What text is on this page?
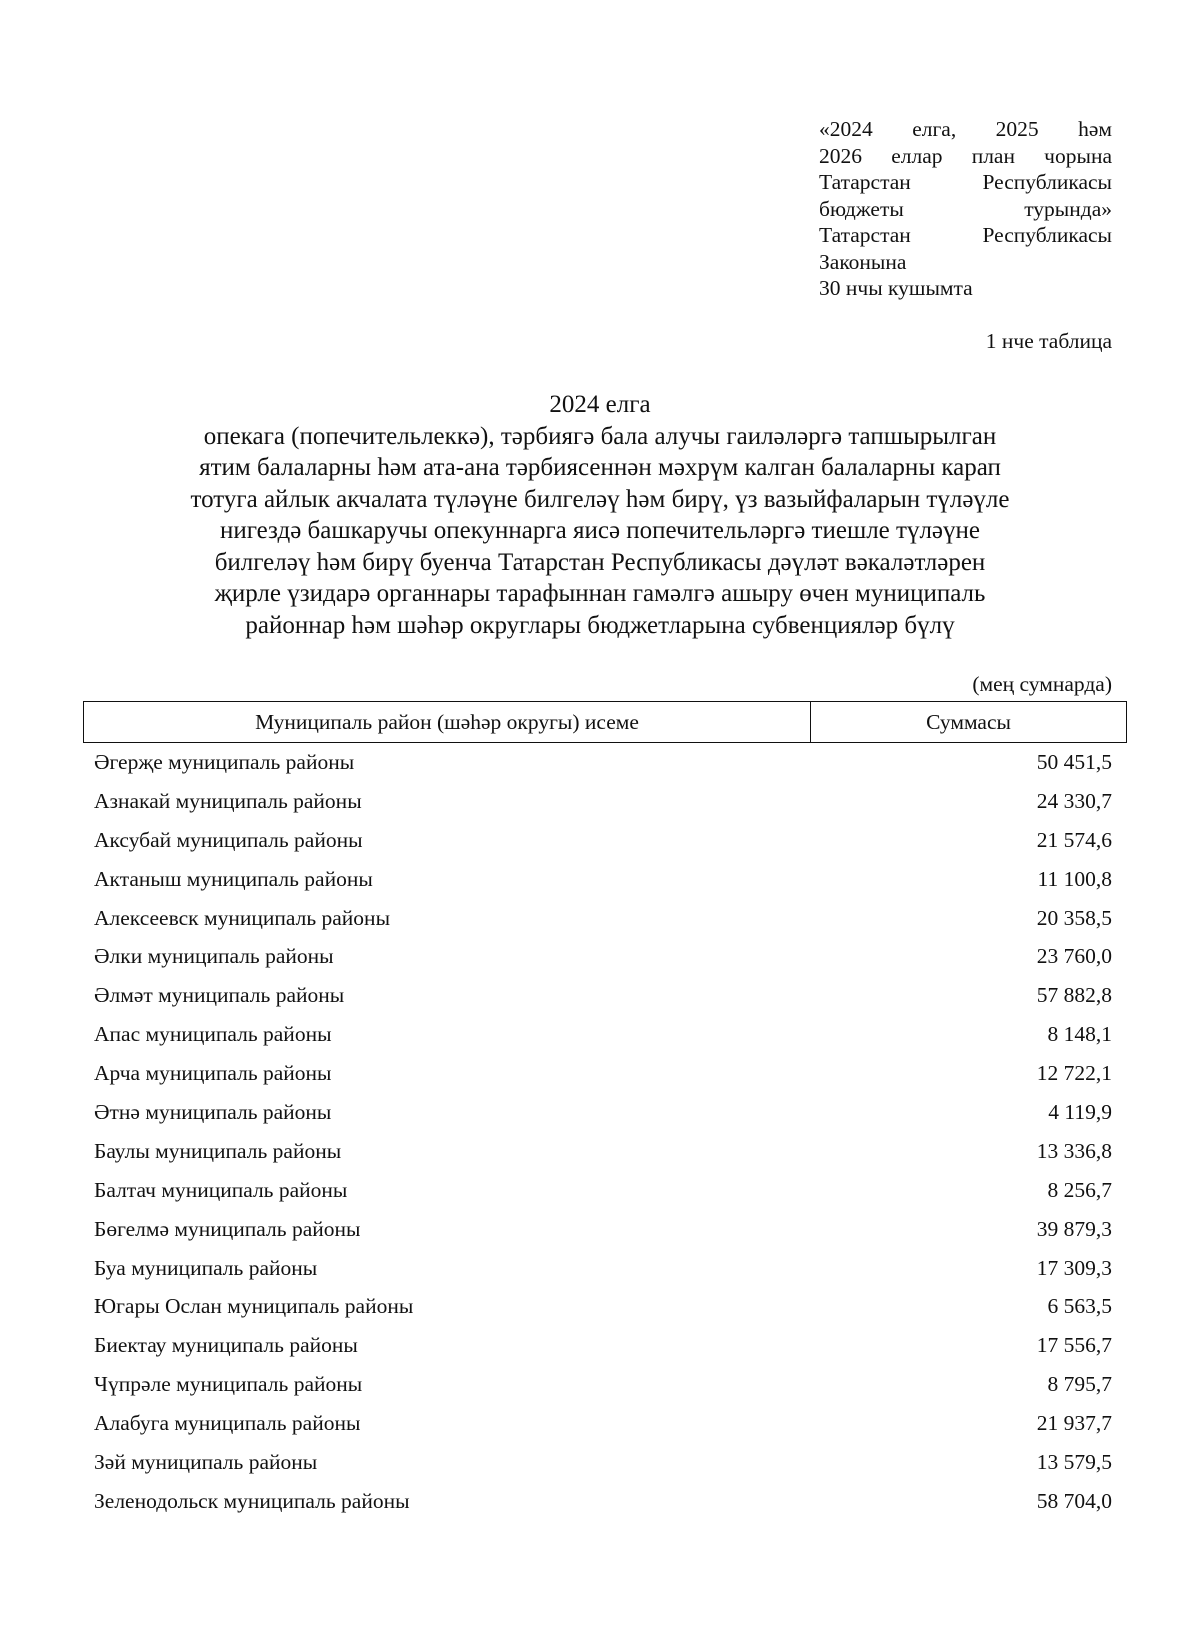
«2024 елга, 2025 һәм
2026 еллар план чорына
Татарстан Республикасы
бюджеты турында»
Татарстан Республикасы
Законына
30 нчы кушымта
1 нче таблица
2024 елга
опекага (попечительлеккә), тәрбиягә бала алучы гаиләләргә тапшырылган
ятим балаларны һәм ата-ана тәрбиясеннән мәхрүм калган балаларны карап
тотуга айлык акчалата түләүне билгеләү һәм бирү, үз вазыйфаларын түләүле
нигездә башкаручы опекуннарга яисә попечительләргә тиешле түләүне
билгеләү һәм бирү буенча Татарстан Республикасы дәүләт вәкаләтләрен
җирле үзидарә органнары тарафыннан гамәлгә ашыру өчен муниципаль
районнар һәм шәһәр округлары бюджетларына субвенцияләр бүлү
(мең сумнарда)
Муниципаль район (шәһәр округы) исеме	Суммасы
Әгерҗе муниципаль районы	50 451,5
Азнакай муниципаль районы	24 330,7
Аксубай муниципаль районы	21 574,6
Актаныш муниципаль районы	11 100,8
Алексеевск муниципаль районы	20 358,5
Әлки муниципаль районы	23 760,0
Әлмәт муниципаль районы	57 882,8
Апас муниципаль районы	8 148,1
Арча муниципаль районы	12 722,1
Әтнә муниципаль районы	4 119,9
Баулы муниципаль районы	13 336,8
Балтач муниципаль районы	8 256,7
Бөгелмә муниципаль районы	39 879,3
Буа муниципаль районы	17 309,3
Югары Ослан муниципаль районы	6 563,5
Биектау муниципаль районы	17 556,7
Чүпрәле муниципаль районы	8 795,7
Алабуга муниципаль районы	21 937,7
Зәй муниципаль районы	13 579,5
Зеленодольск муниципаль районы	58 704,0
